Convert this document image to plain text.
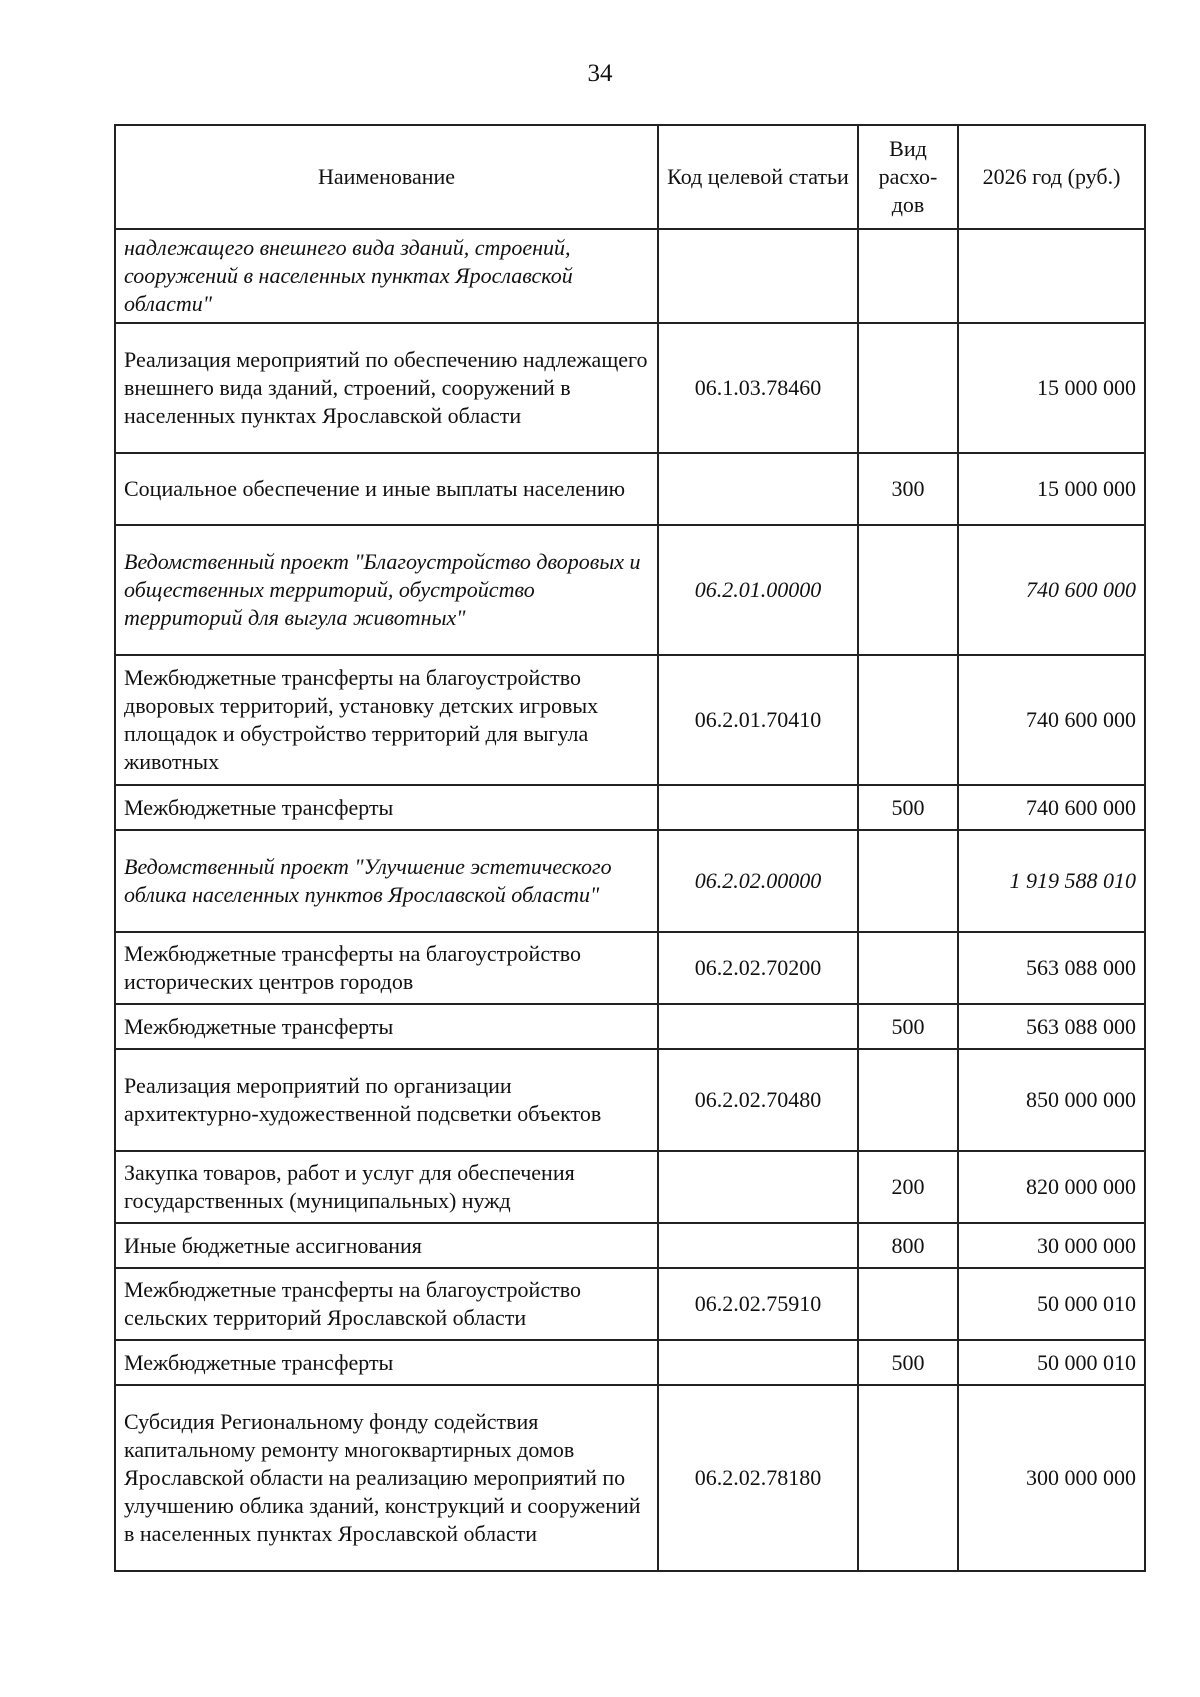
34
Наименование	Код целевой статьи	Вид расхо-дов	2026 год (руб.)
надлежащего внешнего вида зданий, строений, сооружений в населенных пунктах Ярославской области"			
Реализация мероприятий по обеспечению надлежащего внешнего вида зданий, строений, сооружений в населенных пунктах Ярославской области	06.1.03.78460		15 000 000
Социальное обеспечение и иные выплаты населению		300	15 000 000
Ведомственный проект "Благоустройство дворовых и общественных территорий, обустройство территорий для выгула животных"	06.2.01.00000		740 600 000
Межбюджетные трансферты на благоустройство дворовых территорий, установку детских игровых площадок и обустройство территорий для выгула животных	06.2.01.70410		740 600 000
Межбюджетные трансферты		500	740 600 000
Ведомственный проект "Улучшение эстетического облика населенных пунктов Ярославской области"	06.2.02.00000		1 919 588 010
Межбюджетные трансферты на благоустройство исторических центров городов	06.2.02.70200		563 088 000
Межбюджетные трансферты		500	563 088 000
Реализация мероприятий по организации архитектурно-художественной подсветки объектов	06.2.02.70480		850 000 000
Закупка товаров, работ и услуг для обеспечения государственных (муниципальных) нужд		200	820 000 000
Иные бюджетные ассигнования		800	30 000 000
Межбюджетные трансферты на благоустройство сельских территорий Ярославской области	06.2.02.75910		50 000 010
Межбюджетные трансферты		500	50 000 010
Субсидия Региональному фонду содействия капитальному ремонту многоквартирных домов Ярославской области на реализацию мероприятий по улучшению облика зданий, конструкций и сооружений в населенных пунктах Ярославской области	06.2.02.78180		300 000 000
